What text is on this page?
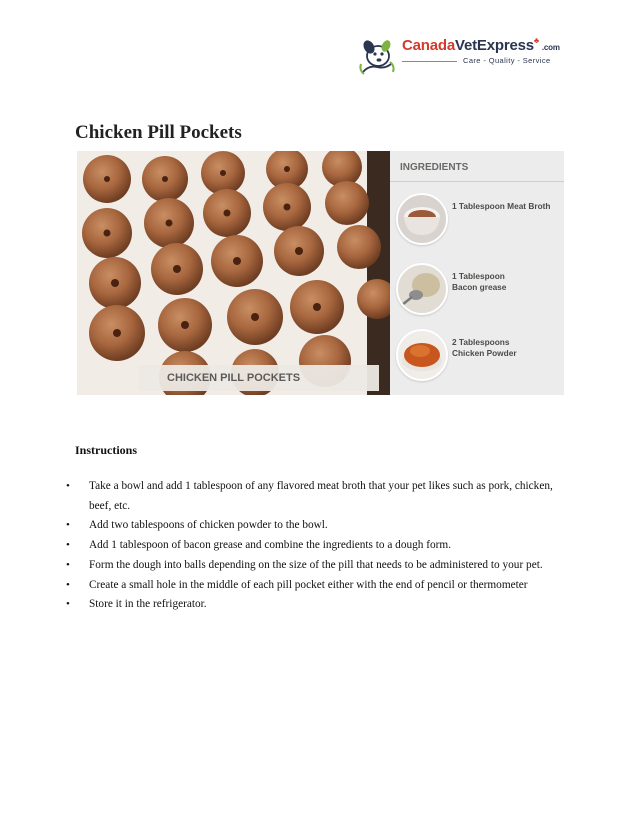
CanadaVetExpress♣.com
Care - Quality - Service
Chicken Pill Pockets
CHICKEN PILL POCKETS
INGREDIENTS
1 Tablespoon Meat Broth
1 Tablespoon
Bacon grease
2 Tablespoons
Chicken Powder
Instructions
• Take a bowl and add 1 tablespoon of any flavored meat broth that your pet likes such as pork, chicken, beef, etc.
• Add two tablespoons of chicken powder to the bowl.
• Add 1 tablespoon of bacon grease and combine the ingredients to a dough form.
• Form the dough into balls depending on the size of the pill that needs to be administered to your pet.
• Create a small hole in the middle of each pill pocket either with the end of pencil or thermometer
• Store it in the refrigerator.
